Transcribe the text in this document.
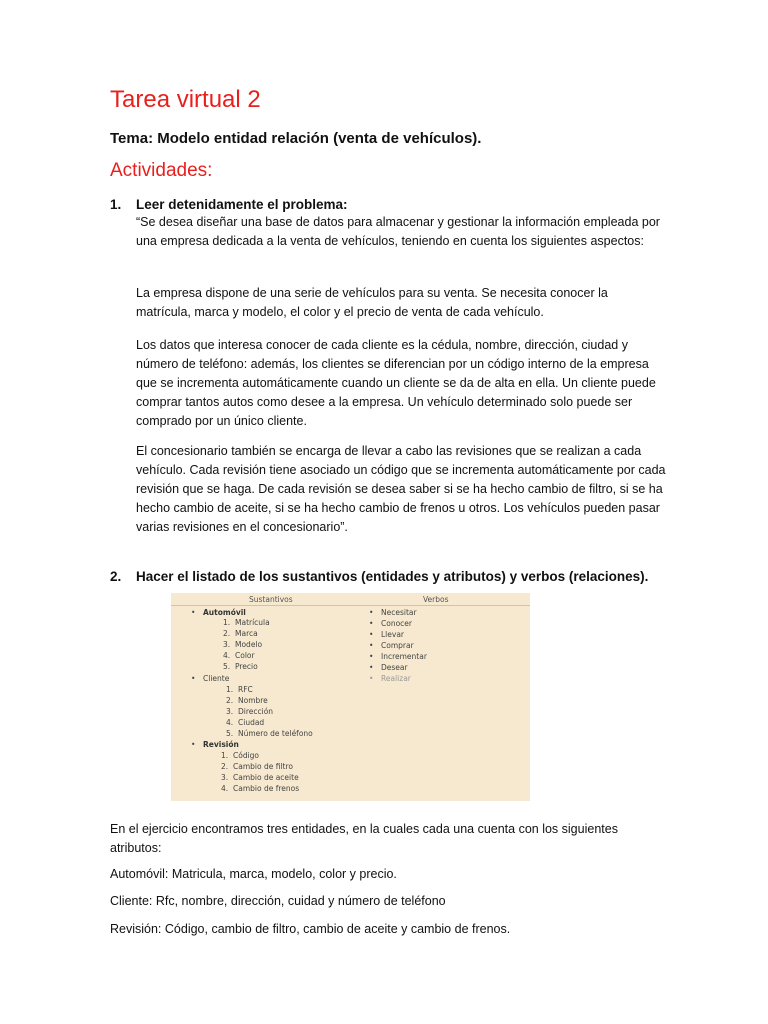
Tarea virtual 2

Tema: Modelo entidad relación (venta de vehículos).

Actividades:
1. Leer detenidamente el problema:

“Se desea diseñar una base de datos para almacenar y gestionar la información empleada por una empresa dedicada a la venta de vehículos, teniendo en cuenta los siguientes aspectos:

La empresa dispone de una serie de vehículos para su venta. Se necesita conocer la matrícula, marca y modelo, el color y el precio de venta de cada vehículo.

Los datos que interesa conocer de cada cliente es la cédula, nombre, dirección, ciudad y número de teléfono: además, los clientes se diferencian por un código interno de la empresa que se incrementa automáticamente cuando un cliente se da de alta en ella. Un cliente puede comprar tantos autos como desee a la empresa. Un vehículo determinado solo puede ser comprado por un único cliente.

El concesionario también se encarga de llevar a cabo las revisiones que se realizan a cada vehículo. Cada revisión tiene asociado un código que se incrementa automáticamente por cada revisión que se haga. De cada revisión se desea saber si se ha hecho cambio de filtro, si se ha hecho cambio de aceite, si se ha hecho cambio de frenos u otros. Los vehículos pueden pasar varias revisiones en el concesionario”.

2. Hacer el listado de los sustantivos (entidades y atributos) y verbos (relaciones).

Sustantivos	Verbos
• Automóvil
1. Matrícula
2. Marca
3. Modelo
4. Color
5. Precio
• Cliente
1. RFC
2. Nombre
3. Dirección
4. Ciudad
5. Número de teléfono
• Revisión
1. Código
2. Cambio de filtro
3. Cambio de aceite
4. Cambio de frenos
• Necesitar
• Conocer
• Llevar
• Comprar
• Incrementar
• Desear
• Realizar

En el ejercicio encontramos tres entidades, en la cuales cada una cuenta con los siguientes atributos:

Automóvil: Matricula, marca, modelo, color y precio.

Cliente: Rfc, nombre, dirección, cuidad y número de teléfono

Revisión: Código, cambio de filtro, cambio de aceite y cambio de frenos.
